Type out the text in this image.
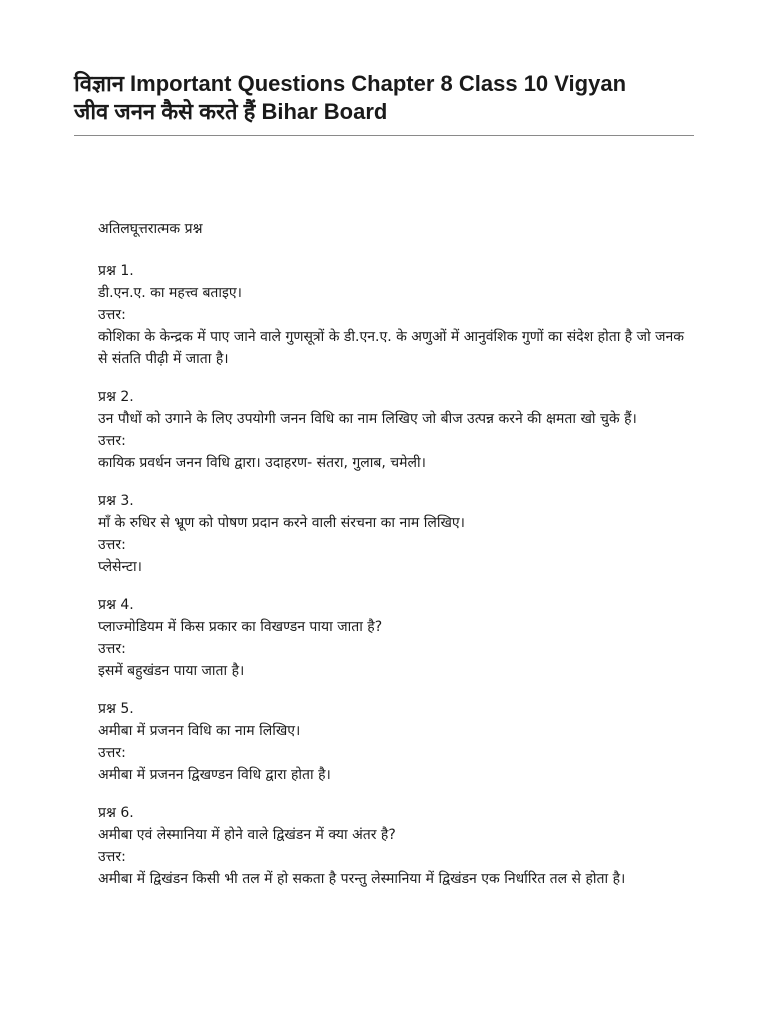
विज्ञान Important Questions Chapter 8 Class 10 Vigyan
जीव जनन कैसे करते हैं Bihar Board

अतिलघूत्तरात्मक प्रश्न

प्रश्न 1.

डी.एन.ए. का महत्त्व बताइए।

उत्तर:

कोशिका के केन्द्रक में पाए जाने वाले गुणसूत्रों के डी.एन.ए. के अणुओं में आनुवंशिक गुणों का संदेश होता है जो जनक से संतति पीढ़ी में जाता है।

प्रश्न 2.

उन पौधों को उगाने के लिए उपयोगी जनन विधि का नाम लिखिए जो बीज उत्पन्न करने की क्षमता खो चुके हैं।

उत्तर:

कायिक प्रवर्धन जनन विधि द्वारा। उदाहरण- संतरा, गुलाब, चमेली।

प्रश्न 3.

माँ के रुधिर से भ्रूण को पोषण प्रदान करने वाली संरचना का नाम लिखिए।

उत्तर:

प्लेसेन्टा।

प्रश्न 4.

प्लाज्मोडियम में किस प्रकार का विखण्डन पाया जाता है?

उत्तर:

इसमें बहुखंडन पाया जाता है।

प्रश्न 5.

अमीबा में प्रजनन विधि का नाम लिखिए।

उत्तर:

अमीबा में प्रजनन द्विखण्डन विधि द्वारा होता है।

प्रश्न 6.

अमीबा एवं लेस्मानिया में होने वाले द्विखंडन में क्या अंतर है?

उत्तर:

अमीबा में द्विखंडन किसी भी तल में हो सकता है परन्तु लेस्मानिया में द्विखंडन एक निर्धारित तल से होता है।
